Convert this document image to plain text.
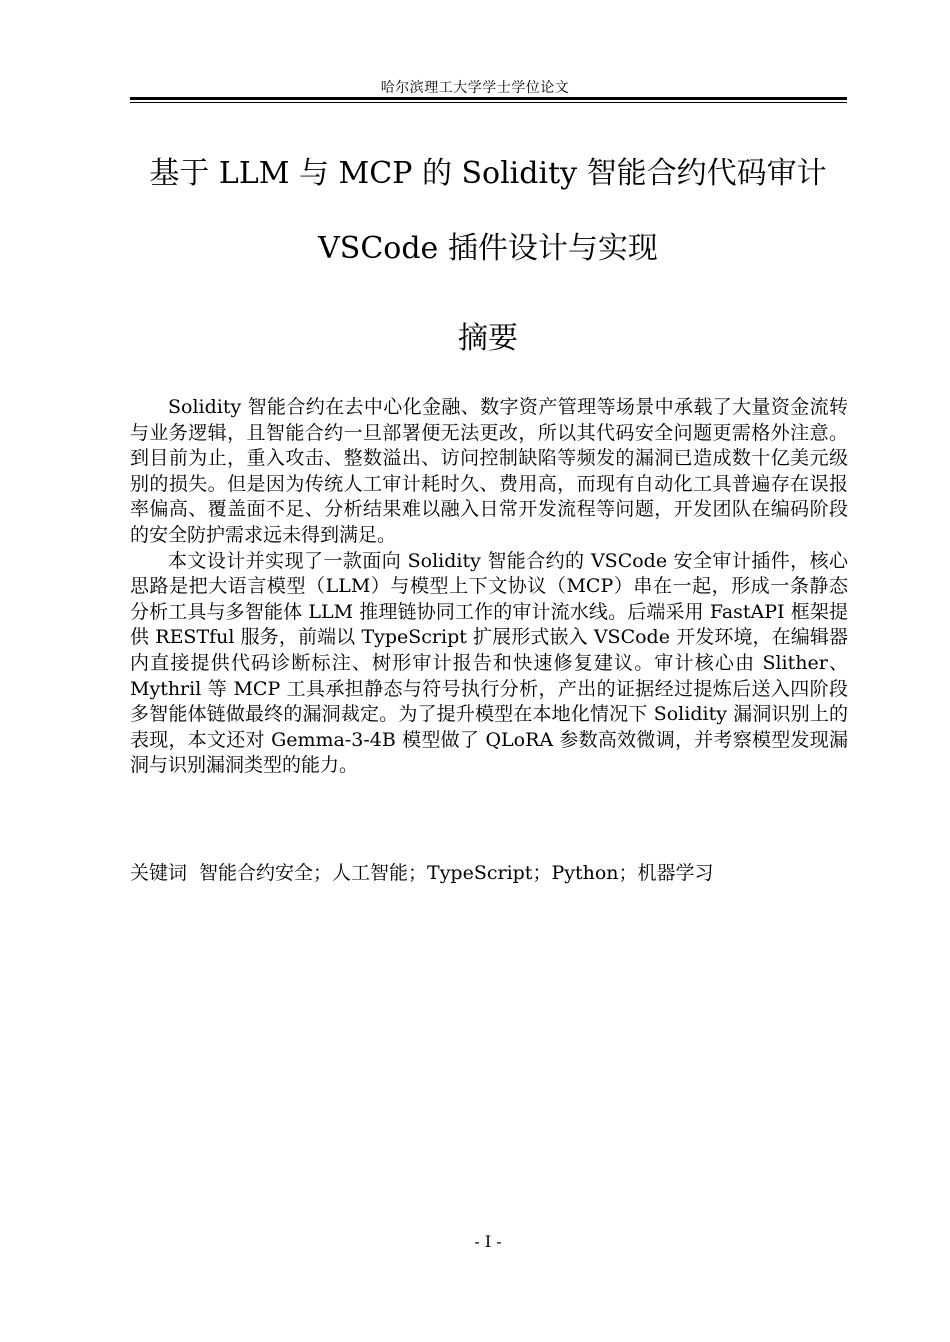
哈尔滨理工大学学士学位论文
基于 LLM 与 MCP 的 Solidity 智能合约代码审计
VSCode 插件设计与实现
摘要

Solidity 智能合约在去中心化金融、数字资产管理等场景中承载了大量资金流转与业务逻辑，且智能合约一旦部署便无法更改，所以其代码安全问题更需格外注意。到目前为止，重入攻击、整数溢出、访问控制缺陷等频发的漏洞已造成数十亿美元级别的损失。但是因为传统人工审计耗时久、费用高，而现有自动化工具普遍存在误报率偏高、覆盖面不足、分析结果难以融入日常开发流程等问题，开发团队在编码阶段的安全防护需求远未得到满足。

本文设计并实现了一款面向 Solidity 智能合约的 VSCode 安全审计插件，核心思路是把大语言模型（LLM）与模型上下文协议（MCP）串在一起，形成一条静态分析工具与多智能体 LLM 推理链协同工作的审计流水线。后端采用 FastAPI 框架提供 RESTful 服务，前端以 TypeScript 扩展形式嵌入 VSCode 开发环境，在编辑器内直接提供代码诊断标注、树形审计报告和快速修复建议。审计核心由 Slither、Mythril 等 MCP 工具承担静态与符号执行分析，产出的证据经过提炼后送入四阶段多智能体链做最终的漏洞裁定。为了提升模型在本地化情况下 Solidity 漏洞识别上的表现，本文还对 Gemma-3-4B 模型做了 QLoRA 参数高效微调，并考察模型发现漏洞与识别漏洞类型的能力。

关键词 智能合约安全；人工智能；TypeScript；Python；机器学习
- I -
